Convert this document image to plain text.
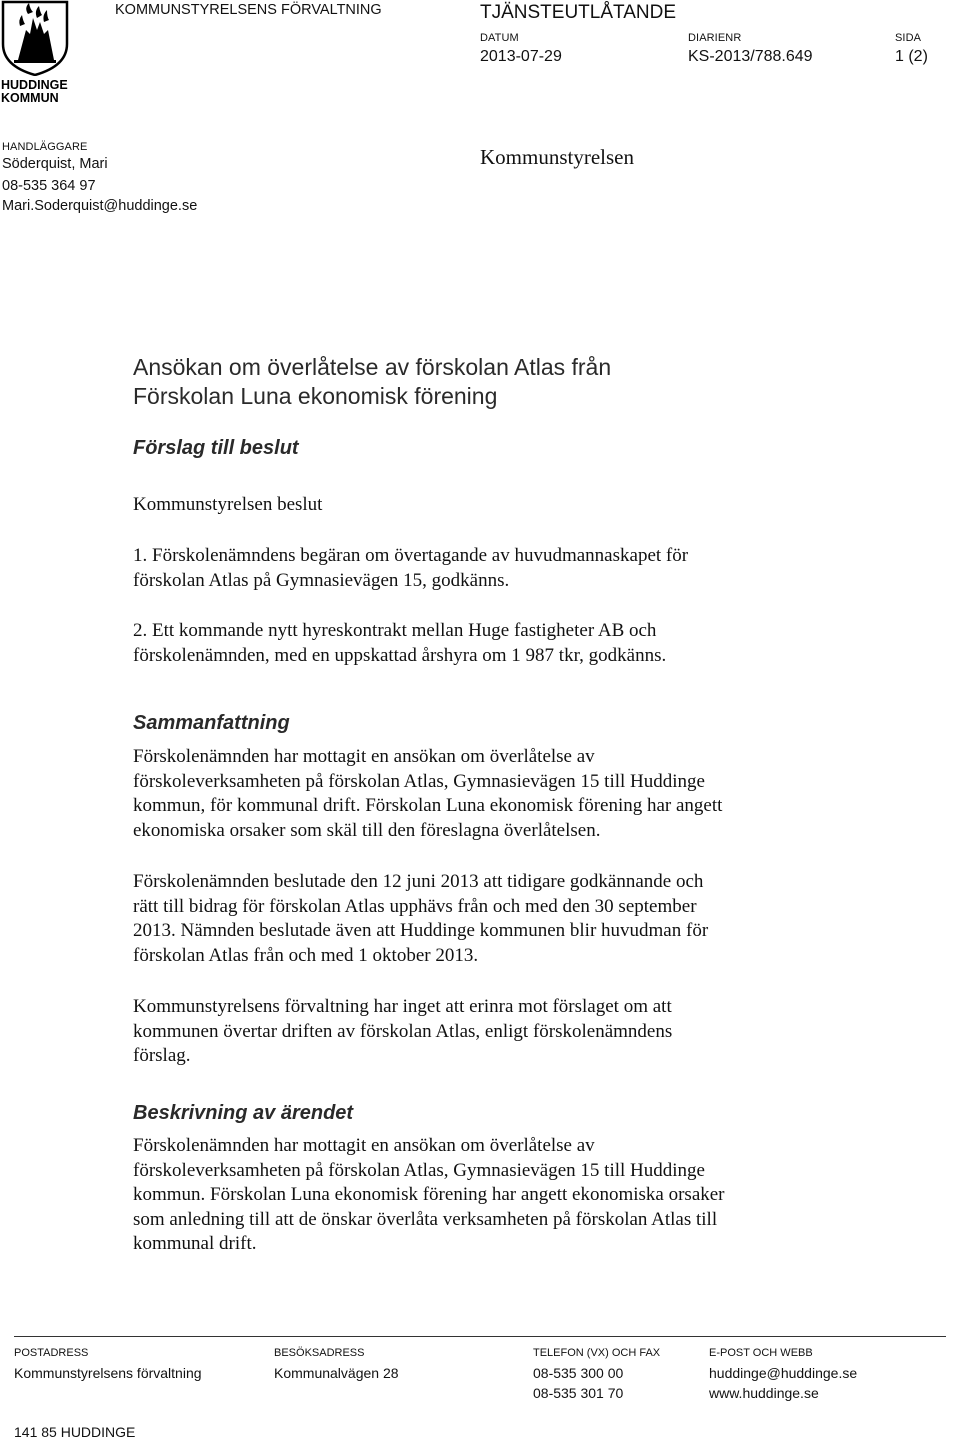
HUDDINGE
KOMMUN
KOMMUNSTYRELSENS FÖRVALTNING	TJÄNSTEUTLÅTANDE
DATUM
2013-07-29
DIARIENR
KS-2013/788.649
SIDA
1 (2)
HANDLÄGGARE
Söderquist, Mari
08-535 364 97
Mari.Soderquist@huddinge.se
Kommunstyrelsen
Ansökan om överlåtelse av förskolan Atlas från
Förskolan Luna ekonomisk förening
Förslag till beslut
Kommunstyrelsen beslut
1. Förskolenämndens begäran om övertagande av huvudmannaskapet för
förskolan Atlas på Gymnasievägen 15, godkänns.
2. Ett kommande nytt hyreskontrakt mellan Huge fastigheter AB och
förskolenämnden, med en uppskattad årshyra om 1 987 tkr, godkänns.
Sammanfattning
Förskolenämnden har mottagit en ansökan om överlåtelse av
förskoleverksamheten på förskolan Atlas, Gymnasievägen 15 till Huddinge
kommun, för kommunal drift. Förskolan Luna ekonomisk förening har angett
ekonomiska orsaker som skäl till den föreslagna överlåtelsen.
Förskolenämnden beslutade den 12 juni 2013 att tidigare godkännande och
rätt till bidrag för förskolan Atlas upphävs från och med den 30 september
2013. Nämnden beslutade även att Huddinge kommunen blir huvudman för
förskolan Atlas från och med 1 oktober 2013.
Kommunstyrelsens förvaltning har inget att erinra mot förslaget om att
kommunen övertar driften av förskolan Atlas, enligt förskolenämndens
förslag.
Beskrivning av ärendet
Förskolenämnden har mottagit en ansökan om överlåtelse av
förskoleverksamheten på förskolan Atlas, Gymnasievägen 15 till Huddinge
kommun. Förskolan Luna ekonomisk förening har angett ekonomiska orsaker
som anledning till att de önskar överlåta verksamheten på förskolan Atlas till
kommunal drift.
POSTADRESS
Kommunstyrelsens förvaltning
141 85 HUDDINGE
BESÖKSADRESS
Kommunalvägen 28
TELEFON (VX) OCH FAX
08-535 300 00
08-535 301 70
E-POST OCH WEBB
huddinge@huddinge.se
www.huddinge.se
